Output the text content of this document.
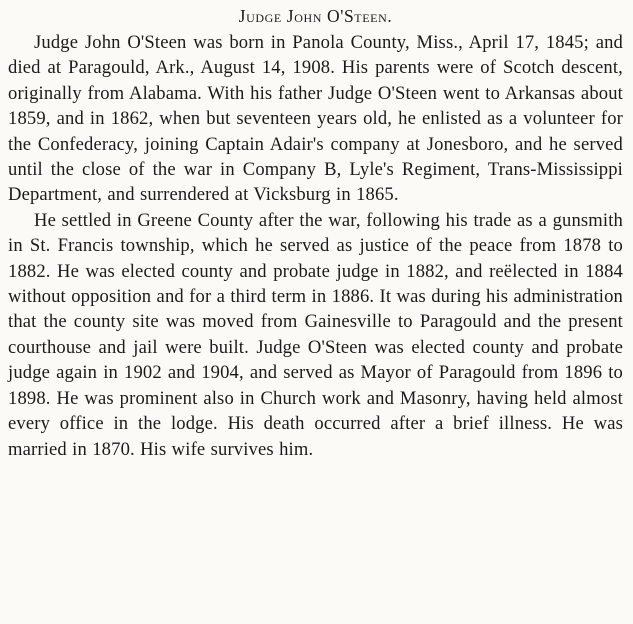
Judge John O'Steen.

Judge John O'Steen was born in Panola County, Miss., April 17, 1845; and died at Paragould, Ark., August 14, 1908. His parents were of Scotch descent, originally from Alabama. With his father Judge O'Steen went to Arkansas about 1859, and in 1862, when but seventeen years old, he enlisted as a volunteer for the Confederacy, joining Captain Adair's company at Jonesboro, and he served until the close of the war in Company B, Lyle's Regiment, Trans-Mississippi Department, and surrendered at Vicksburg in 1865.

He settled in Greene County after the war, following his trade as a gunsmith in St. Francis township, which he served as justice of the peace from 1878 to 1882. He was elected county and probate judge in 1882, and reëlected in 1884 without opposition and for a third term in 1886. It was during his administration that the county site was moved from Gainesville to Paragould and the present courthouse and jail were built. Judge O'Steen was elected county and probate judge again in 1902 and 1904, and served as Mayor of Paragould from 1896 to 1898. He was prominent also in Church work and Masonry, having held almost every office in the lodge. His death occurred after a brief illness. He was married in 1870. His wife survives him.
